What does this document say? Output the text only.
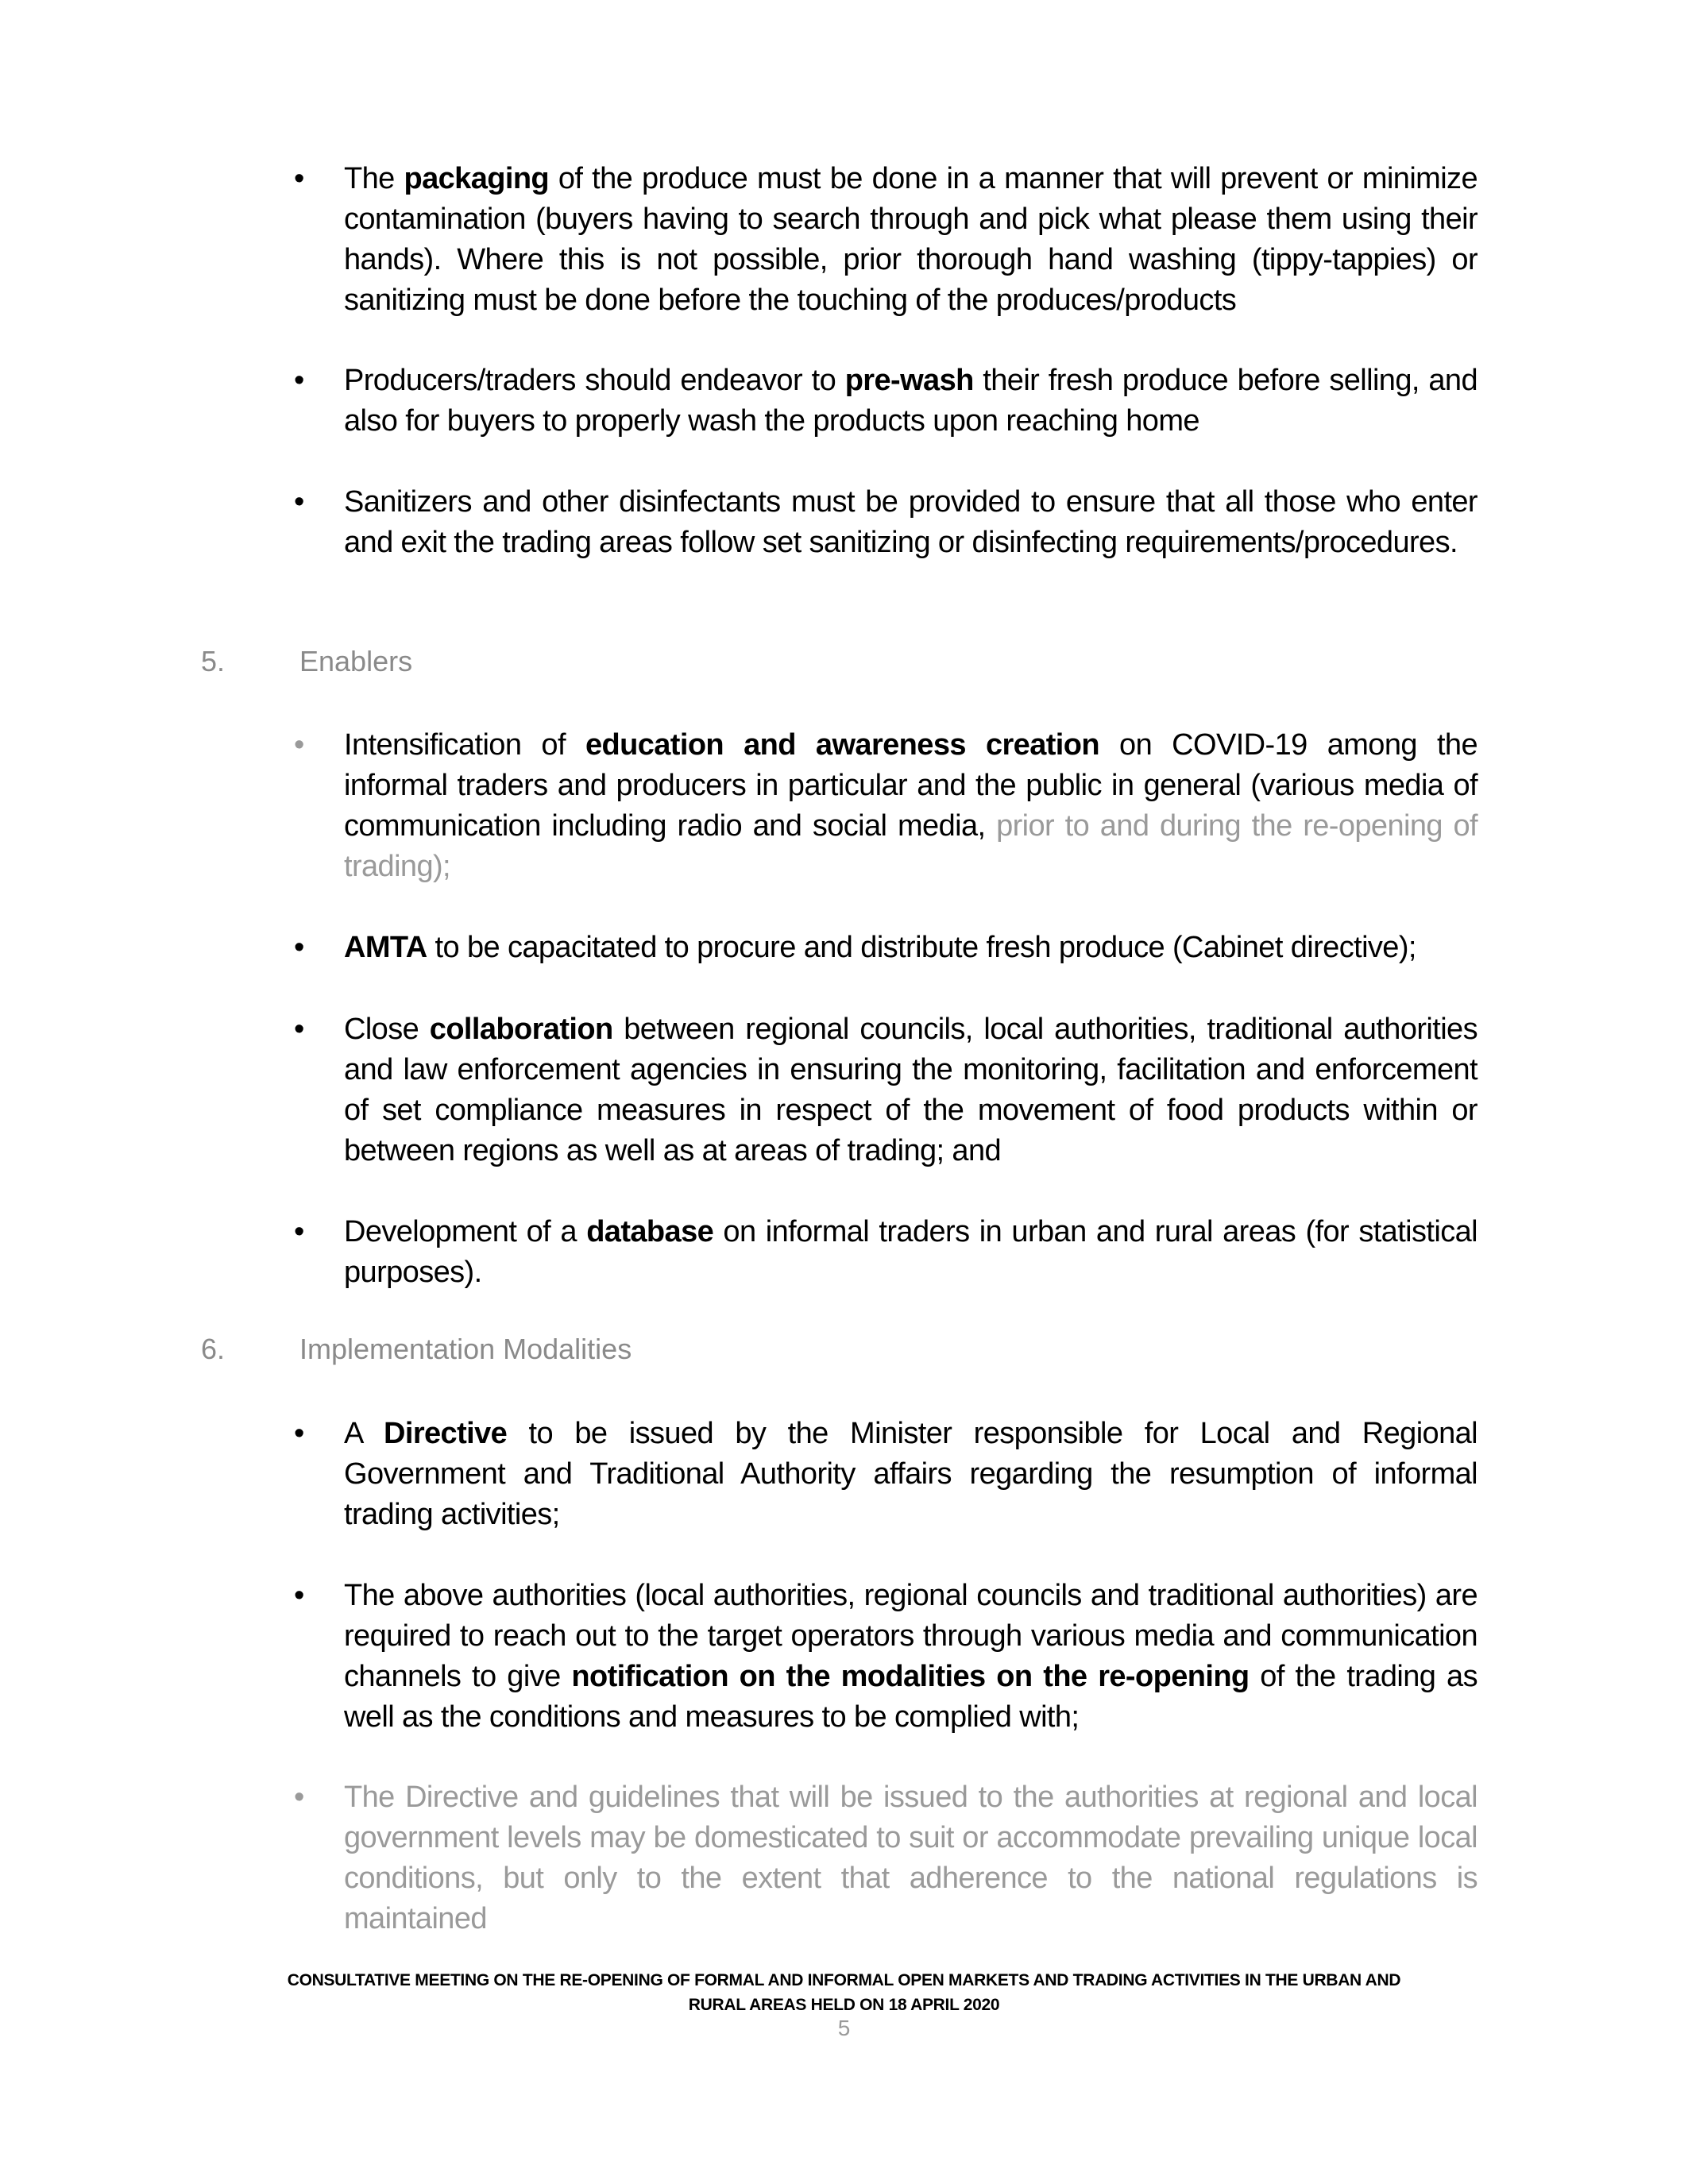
•	The packaging of the produce must be done in a manner that will prevent or minimize contamination (buyers having to search through and pick what please them using their hands). Where this is not possible, prior thorough hand washing (tippy-tappies) or sanitizing must be done before the touching of the produces/products
•	Producers/traders should endeavor to pre-wash their fresh produce before selling, and also for buyers to properly wash the products upon reaching home
•	Sanitizers and other disinfectants must be provided to ensure that all those who enter and exit the trading areas follow set sanitizing or disinfecting requirements/procedures.
5.	Enablers
•	Intensification of education and awareness creation on COVID-19 among the informal traders and producers in particular and the public in general (various media of communication including radio and social media, prior to and during the re-opening of trading);
•	AMTA to be capacitated to procure and distribute fresh produce (Cabinet directive);
•	Close collaboration between regional councils, local authorities, traditional authorities and law enforcement agencies in ensuring the monitoring, facilitation and enforcement of set compliance measures in respect of the movement of food products within or between regions as well as at areas of trading; and
•	Development of a database on informal traders in urban and rural areas (for statistical purposes).
6.	Implementation Modalities
•	A Directive to be issued by the Minister responsible for Local and Regional Government and Traditional Authority affairs regarding the resumption of informal trading activities;
•	The above authorities (local authorities, regional councils and traditional authorities) are required to reach out to the target operators through various media and communication channels to give notification on the modalities on the re-opening of the trading as well as the conditions and measures to be complied with;
•	The Directive and guidelines that will be issued to the authorities at regional and local government levels may be domesticated to suit or accommodate prevailing unique local conditions, but only to the extent that adherence to the national regulations is maintained
CONSULTATIVE MEETING ON THE RE-OPENING OF FORMAL AND INFORMAL OPEN MARKETS AND TRADING ACTIVITIES IN THE URBAN AND
RURAL AREAS HELD ON 18 APRIL 2020
5
